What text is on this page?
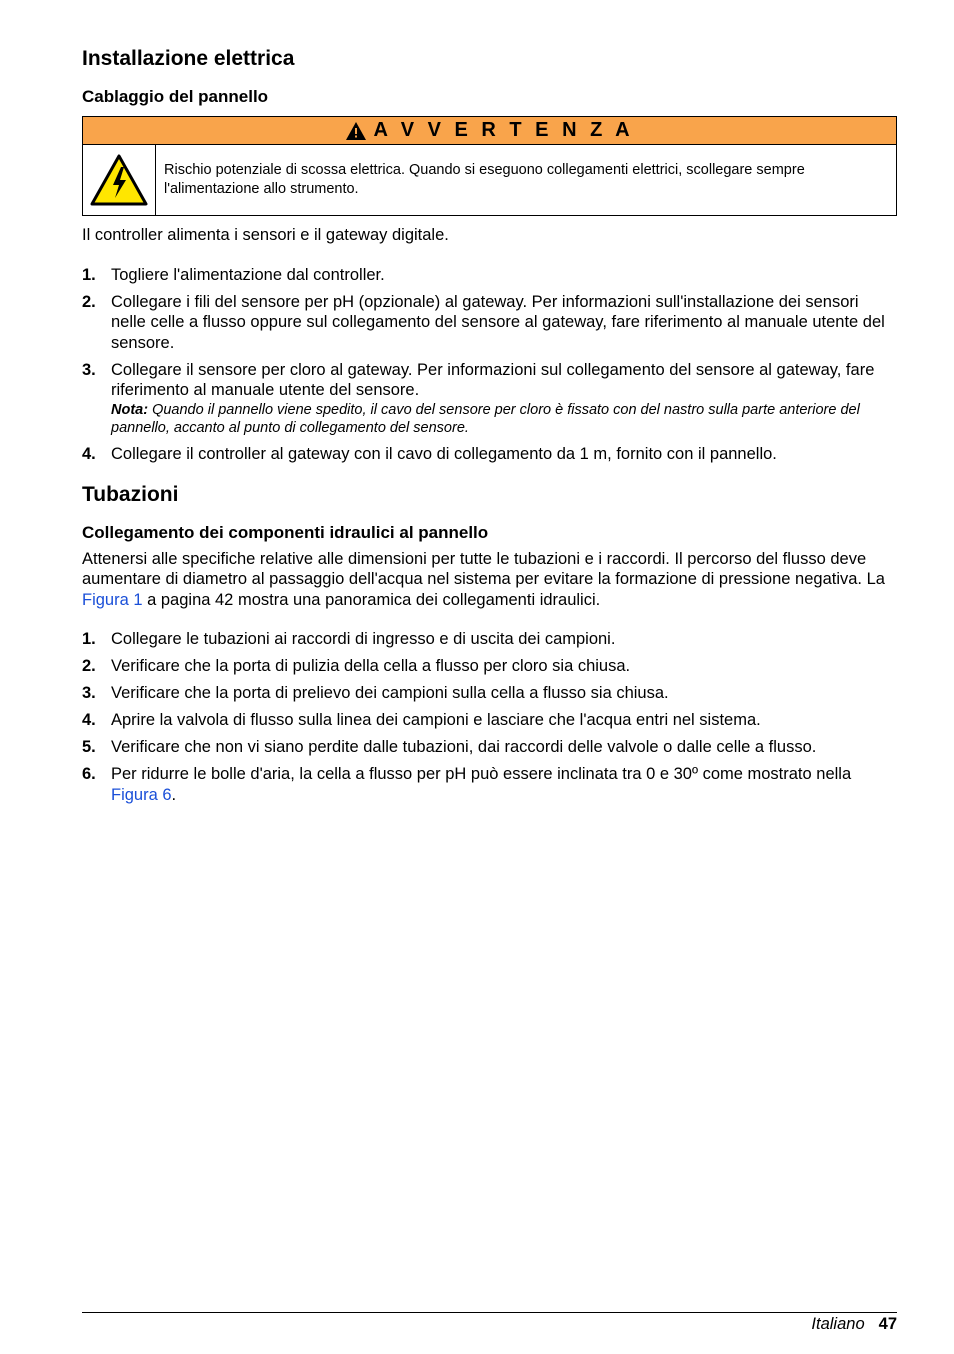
Installazione elettrica
Cablaggio del pannello
A V V E R T E N Z A
Rischio potenziale di scossa elettrica. Quando si eseguono collegamenti elettrici, scollegare sempre l'alimentazione allo strumento.

Il controller alimenta i sensori e il gateway digitale.

1. Togliere l'alimentazione dal controller.
2. Collegare i fili del sensore per pH (opzionale) al gateway. Per informazioni sull'installazione dei sensori nelle celle a flusso oppure sul collegamento del sensore al gateway, fare riferimento al manuale utente del sensore.
3. Collegare il sensore per cloro al gateway. Per informazioni sul collegamento del sensore al gateway, fare riferimento al manuale utente del sensore.
Nota: Quando il pannello viene spedito, il cavo del sensore per cloro è fissato con del nastro sulla parte anteriore del pannello, accanto al punto di collegamento del sensore.
4. Collegare il controller al gateway con il cavo di collegamento da 1 m, fornito con il pannello.
Tubazioni
Collegamento dei componenti idraulici al pannello

Attenersi alle specifiche relative alle dimensioni per tutte le tubazioni e i raccordi. Il percorso del flusso deve aumentare di diametro al passaggio dell'acqua nel sistema per evitare la formazione di pressione negativa. La Figura 1 a pagina 42 mostra una panoramica dei collegamenti idraulici.

1. Collegare le tubazioni ai raccordi di ingresso e di uscita dei campioni.
2. Verificare che la porta di pulizia della cella a flusso per cloro sia chiusa.
3. Verificare che la porta di prelievo dei campioni sulla cella a flusso sia chiusa.
4. Aprire la valvola di flusso sulla linea dei campioni e lasciare che l'acqua entri nel sistema.
5. Verificare che non vi siano perdite dalle tubazioni, dai raccordi delle valvole o dalle celle a flusso.
6. Per ridurre le bolle d'aria, la cella a flusso per pH può essere inclinata tra 0 e 30º come mostrato nella Figura 6.
Italiano 47
